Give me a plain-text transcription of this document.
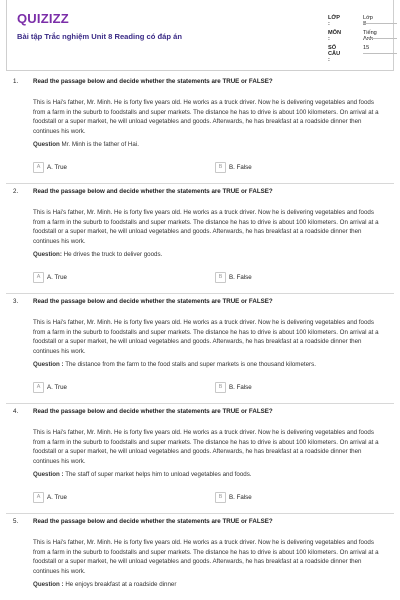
QUIZIZZ
Bài tập Trắc nghiệm Unit 8 Reading có đáp án
LỚP :
Lớp 8
MÔN :
Tiếng Anh
SỐ CÂU :
15
1. Read the passage below and decide whether the statements are TRUE or FALSE?
This is Hai's father, Mr. Minh. He is forty five years old. He works as a truck driver. Now he is delivering vegetables and foods from a farm in the suburb to foodstalls and super markets. The distance he has to drive is about 100 kilometers. On arrival at a foodstall or a super market, he will unload vegetables and goods. Afterwards, he has breakfast at a roadside dinner then continues his work.
Question Mr. Minh is the father of Hai.
A	A. True	B	B. False
2. Read the passage below and decide whether the statements are TRUE or FALSE?
This is Hai's father, Mr. Minh. He is forty five years old. He works as a truck driver. Now he is delivering vegetables and foods from a farm in the suburb to foodstalls and super markets. The distance he has to drive is about 100 kilometers. On arrival at a foodstall or a super market, he will unload vegetables and goods. Afterwards, he has breakfast at a roadside dinner then continues his work.
Question: He drives the truck to deliver goods.
A	A. True	B	B. False
3. Read the passage below and decide whether the statements are TRUE or FALSE?
This is Hai's father, Mr. Minh. He is forty five years old. He works as a truck driver. Now he is delivering vegetables and foods from a farm in the suburb to foodstalls and super markets. The distance he has to drive is about 100 kilometers. On arrival at a foodstall or a super market, he will unload vegetables and goods. Afterwards, he has breakfast at a roadside dinner then continues his work.
Question : The distance from the farm to the food stalls and super markets is one thousand kilometers.
A	A. True	B	B. False
4. Read the passage below and decide whether the statements are TRUE or FALSE?
This is Hai's father, Mr. Minh. He is forty five years old. He works as a truck driver. Now he is delivering vegetables and foods from a farm in the suburb to foodstalls and super markets. The distance he has to drive is about 100 kilometers. On arrival at a foodstall or a super market, he will unload vegetables and goods. Afterwards, he has breakfast at a roadside dinner then continues his work.
Question : The staff of super market helps him to unload vegetables and foods.
A	A. True	B	B. False
5. Read the passage below and decide whether the statements are TRUE or FALSE?
This is Hai's father, Mr. Minh. He is forty five years old. He works as a truck driver. Now he is delivering vegetables and foods from a farm in the suburb to foodstalls and super markets. The distance he has to drive is about 100 kilometers. On arrival at a foodstall or a super market, he will unload vegetables and goods. Afterwards, he has breakfast at a roadside dinner then continues his work.
Question : He enjoys breakfast at a roadside dinner
